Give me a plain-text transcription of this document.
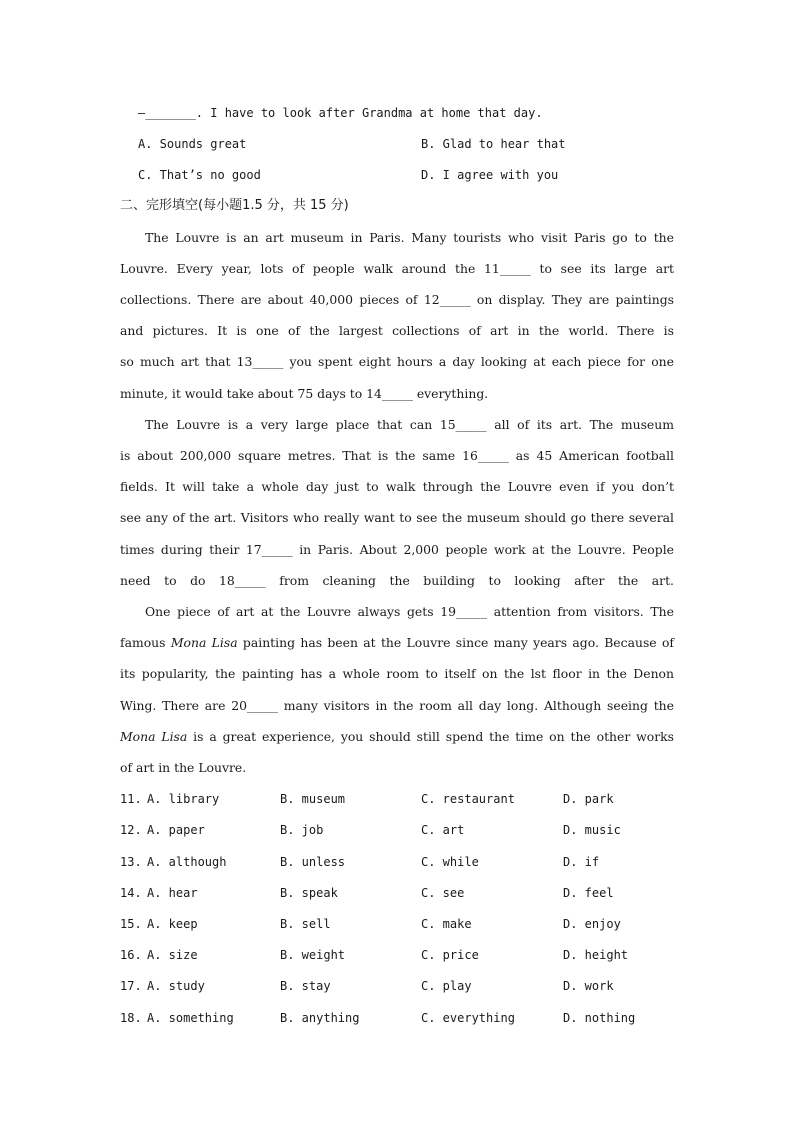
—_______. I have to look after Grandma at home that day.
A. Sounds great	B. Glad to hear that
C. That’s no good	D. I agree with you
二、完形填空(每小题1.5 分，共 15 分)
The Louvre is an art museum in Paris. Many tourists who visit Paris go to the
Louvre. Every year, lots of people walk around the 11_____ to see its large art
collections. There are about 40,000 pieces of 12_____ on display. They are paintings
and pictures. It is one of the largest collections of art in the world. There is
so much art that 13_____ you spent eight hours a day looking at each piece for one
minute, it would take about 75 days to 14_____ everything.
The Louvre is a very large place that can 15_____ all of its art. The museum
is about 200,000 square metres. That is the same 16_____ as 45 American football
fields. It will take a whole day just to walk through the Louvre even if you don’t
see any of the art. Visitors who really want to see the museum should go there several
times during their 17_____ in Paris. About 2,000 people work at the Louvre. People
need to do 18_____ from cleaning the building to looking after the art.
One piece of art at the Louvre always gets 19_____ attention from visitors. The
famous Mona Lisa painting has been at the Louvre since many years ago. Because of
its popularity, the painting has a whole room to itself on the lst floor in the Denon
Wing. There are 20_____ many visitors in the room all day long. Although seeing the
Mona Lisa is a great experience, you should still spend the time on the other works
of art in the Louvre.
11. A. library	B. museum	C. restaurant	D. park
12. A. paper	B. job	C. art	D. music
13. A. although	B. unless	C. while	D. if
14. A. hear	B. speak	C. see	D. feel
15. A. keep	B. sell	C. make	D. enjoy
16. A. size	B. weight	C. price	D. height
17. A. study	B. stay	C. play	D. work
18. A. something	B. anything	C. everything	D. nothing
